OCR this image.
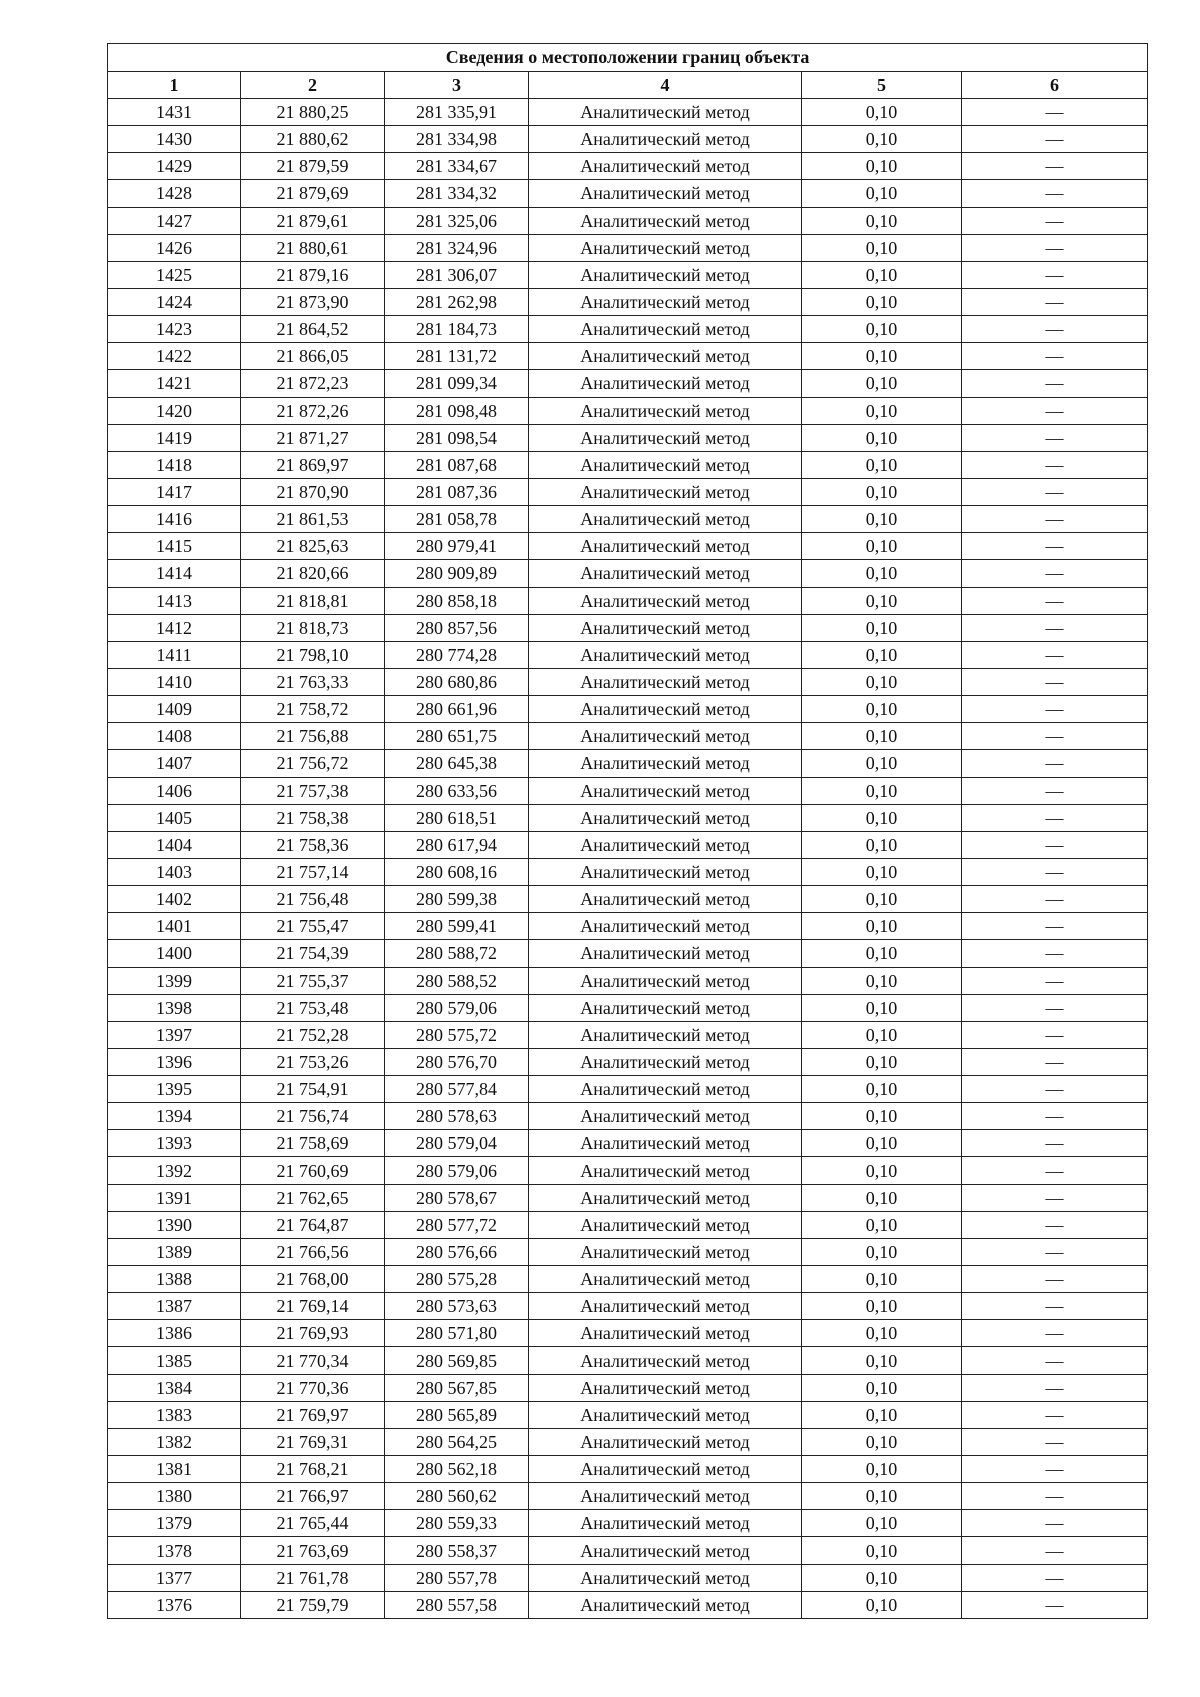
Сведения о местоположении границ объекта					
1	2	3	4	5	6
1431	21 880,25	281 335,91	Аналитический метод	0,10	—
1430	21 880,62	281 334,98	Аналитический метод	0,10	—
1429	21 879,59	281 334,67	Аналитический метод	0,10	—
1428	21 879,69	281 334,32	Аналитический метод	0,10	—
1427	21 879,61	281 325,06	Аналитический метод	0,10	—
1426	21 880,61	281 324,96	Аналитический метод	0,10	—
1425	21 879,16	281 306,07	Аналитический метод	0,10	—
1424	21 873,90	281 262,98	Аналитический метод	0,10	—
1423	21 864,52	281 184,73	Аналитический метод	0,10	—
1422	21 866,05	281 131,72	Аналитический метод	0,10	—
1421	21 872,23	281 099,34	Аналитический метод	0,10	—
1420	21 872,26	281 098,48	Аналитический метод	0,10	—
1419	21 871,27	281 098,54	Аналитический метод	0,10	—
1418	21 869,97	281 087,68	Аналитический метод	0,10	—
1417	21 870,90	281 087,36	Аналитический метод	0,10	—
1416	21 861,53	281 058,78	Аналитический метод	0,10	—
1415	21 825,63	280 979,41	Аналитический метод	0,10	—
1414	21 820,66	280 909,89	Аналитический метод	0,10	—
1413	21 818,81	280 858,18	Аналитический метод	0,10	—
1412	21 818,73	280 857,56	Аналитический метод	0,10	—
1411	21 798,10	280 774,28	Аналитический метод	0,10	—
1410	21 763,33	280 680,86	Аналитический метод	0,10	—
1409	21 758,72	280 661,96	Аналитический метод	0,10	—
1408	21 756,88	280 651,75	Аналитический метод	0,10	—
1407	21 756,72	280 645,38	Аналитический метод	0,10	—
1406	21 757,38	280 633,56	Аналитический метод	0,10	—
1405	21 758,38	280 618,51	Аналитический метод	0,10	—
1404	21 758,36	280 617,94	Аналитический метод	0,10	—
1403	21 757,14	280 608,16	Аналитический метод	0,10	—
1402	21 756,48	280 599,38	Аналитический метод	0,10	—
1401	21 755,47	280 599,41	Аналитический метод	0,10	—
1400	21 754,39	280 588,72	Аналитический метод	0,10	—
1399	21 755,37	280 588,52	Аналитический метод	0,10	—
1398	21 753,48	280 579,06	Аналитический метод	0,10	—
1397	21 752,28	280 575,72	Аналитический метод	0,10	—
1396	21 753,26	280 576,70	Аналитический метод	0,10	—
1395	21 754,91	280 577,84	Аналитический метод	0,10	—
1394	21 756,74	280 578,63	Аналитический метод	0,10	—
1393	21 758,69	280 579,04	Аналитический метод	0,10	—
1392	21 760,69	280 579,06	Аналитический метод	0,10	—
1391	21 762,65	280 578,67	Аналитический метод	0,10	—
1390	21 764,87	280 577,72	Аналитический метод	0,10	—
1389	21 766,56	280 576,66	Аналитический метод	0,10	—
1388	21 768,00	280 575,28	Аналитический метод	0,10	—
1387	21 769,14	280 573,63	Аналитический метод	0,10	—
1386	21 769,93	280 571,80	Аналитический метод	0,10	—
1385	21 770,34	280 569,85	Аналитический метод	0,10	—
1384	21 770,36	280 567,85	Аналитический метод	0,10	—
1383	21 769,97	280 565,89	Аналитический метод	0,10	—
1382	21 769,31	280 564,25	Аналитический метод	0,10	—
1381	21 768,21	280 562,18	Аналитический метод	0,10	—
1380	21 766,97	280 560,62	Аналитический метод	0,10	—
1379	21 765,44	280 559,33	Аналитический метод	0,10	—
1378	21 763,69	280 558,37	Аналитический метод	0,10	—
1377	21 761,78	280 557,78	Аналитический метод	0,10	—
1376	21 759,79	280 557,58	Аналитический метод	0,10	—
